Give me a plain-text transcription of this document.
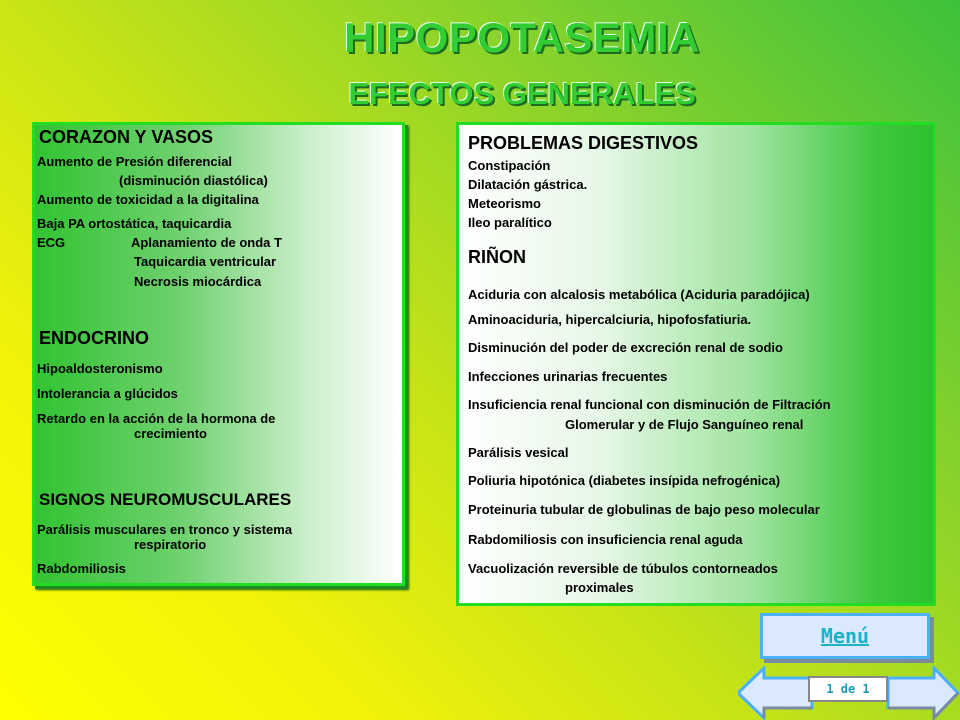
HIPOPOTASEMIA
EFECTOS GENERALES
CORAZON Y VASOS
Aumento de Presión diferencial
(disminución diastólica)
Aumento de toxicidad a la digitalina
Baja PA ortostática, taquicardia
ECG	Aplanamiento de onda T
Taquicardia ventricular
Necrosis miocárdica
ENDOCRINO
Hipoaldosteronismo
Intolerancia a glúcidos
Retardo en la acción de la hormona de
crecimiento
SIGNOS NEUROMUSCULARES
Parálisis musculares en tronco y sistema
respiratorio
Rabdomiliosis
PROBLEMAS DIGESTIVOS
Constipación
Dilatación gástrica.
Meteorismo
Ileo paralítico
RIÑON
Aciduria con alcalosis metabólica (Aciduria paradójica)
Aminoaciduria, hipercalciuria, hipofosfatiuria.
Disminución del poder de excreción renal de sodio
Infecciones urinarias frecuentes
Insuficiencia renal funcional con disminución de Filtración
Glomerular y de Flujo Sanguíneo renal
Parálisis vesical
Poliuria hipotónica (diabetes insípida nefrogénica)
Proteinuria tubular de globulinas de bajo peso molecular
Rabdomiliosis con insuficiencia renal aguda
Vacuolización reversible de túbulos contorneados
proximales
Menú
1 de 1
